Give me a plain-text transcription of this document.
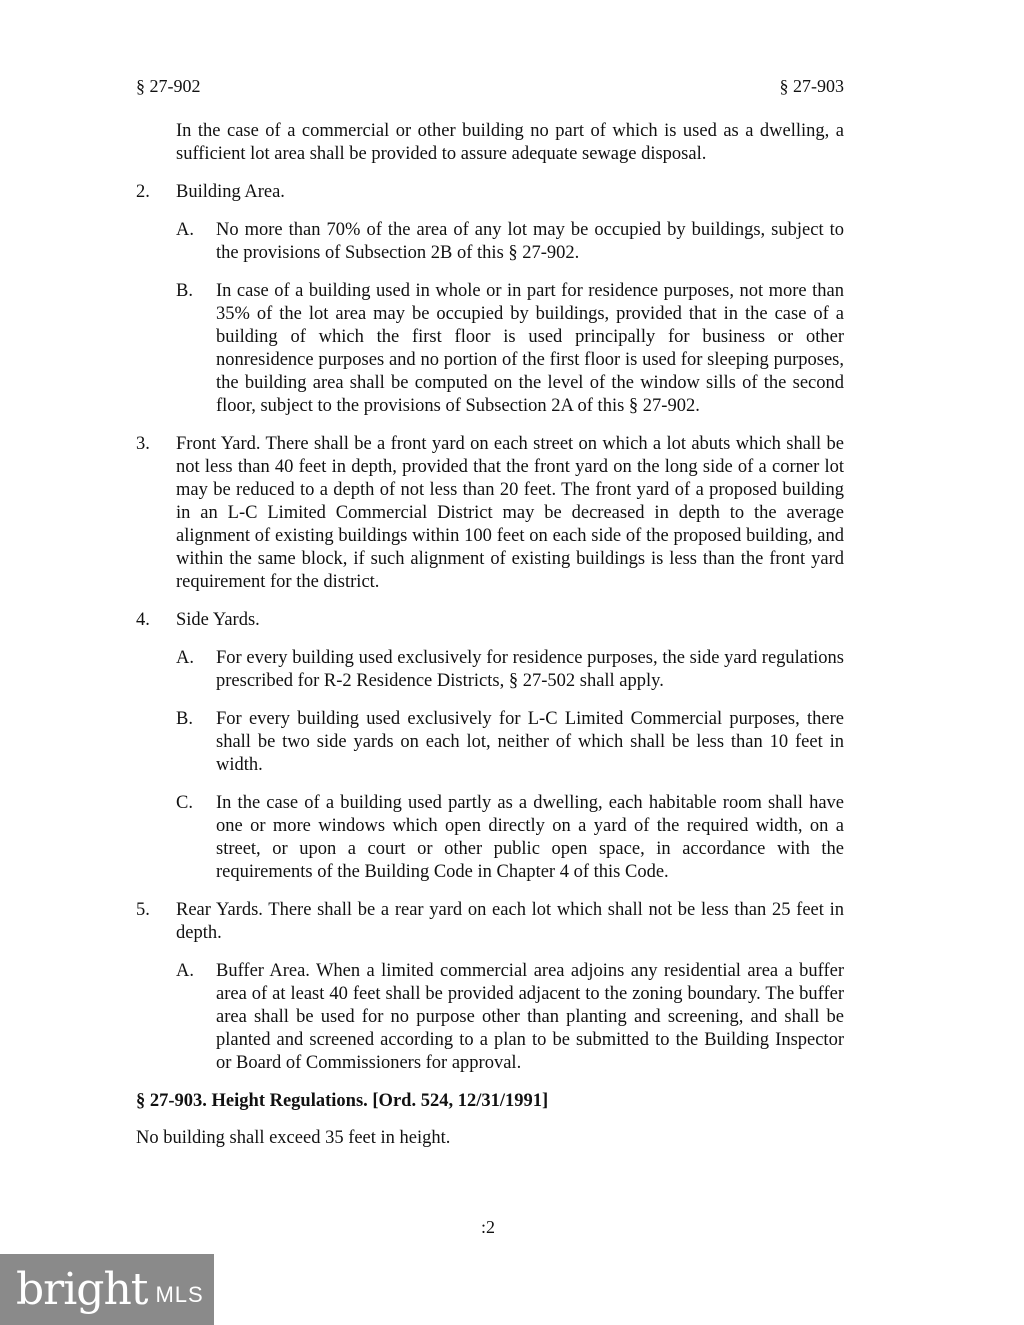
§ 27-902	§ 27-903

In the case of a commercial or other building no part of which is used as a dwelling, a sufficient lot area shall be provided to assure adequate sewage disposal.

2.	Building Area.
A.	No more than 70% of the area of any lot may be occupied by buildings, subject to the provisions of Subsection 2B of this § 27-902.
B.	In case of a building used in whole or in part for residence purposes, not more than 35% of the lot area may be occupied by buildings, provided that in the case of a building of which the first floor is used principally for business or other nonresidence purposes and no portion of the first floor is used for sleeping purposes, the building area shall be computed on the level of the window sills of the second floor, subject to the provisions of Subsection 2A of this § 27-902.
3.	Front Yard. There shall be a front yard on each street on which a lot abuts which shall be not less than 40 feet in depth, provided that the front yard on the long side of a corner lot may be reduced to a depth of not less than 20 feet. The front yard of a proposed building in an L-C Limited Commercial District may be decreased in depth to the average alignment of existing buildings within 100 feet on each side of the proposed building, and within the same block, if such alignment of existing buildings is less than the front yard requirement for the district.
4.	Side Yards.
A.	For every building used exclusively for residence purposes, the side yard regulations prescribed for R-2 Residence Districts, § 27-502 shall apply.
B.	For every building used exclusively for L-C Limited Commercial purposes, there shall be two side yards on each lot, neither of which shall be less than 10 feet in width.
C.	In the case of a building used partly as a dwelling, each habitable room shall have one or more windows which open directly on a yard of the required width, on a street, or upon a court or other public open space, in accordance with the requirements of the Building Code in Chapter 4 of this Code.
5.	Rear Yards. There shall be a rear yard on each lot which shall not be less than 25 feet in depth.
A.	Buffer Area. When a limited commercial area adjoins any residential area a buffer area of at least 40 feet shall be provided adjacent to the zoning boundary. The buffer area shall be used for no purpose other than planting and screening, and shall be planted and screened according to a plan to be submitted to the Building Inspector or Board of Commissioners for approval.
§ 27-903. Height Regulations. [Ord. 524, 12/31/1991]

No building shall exceed 35 feet in height.

:2
bright MLS
